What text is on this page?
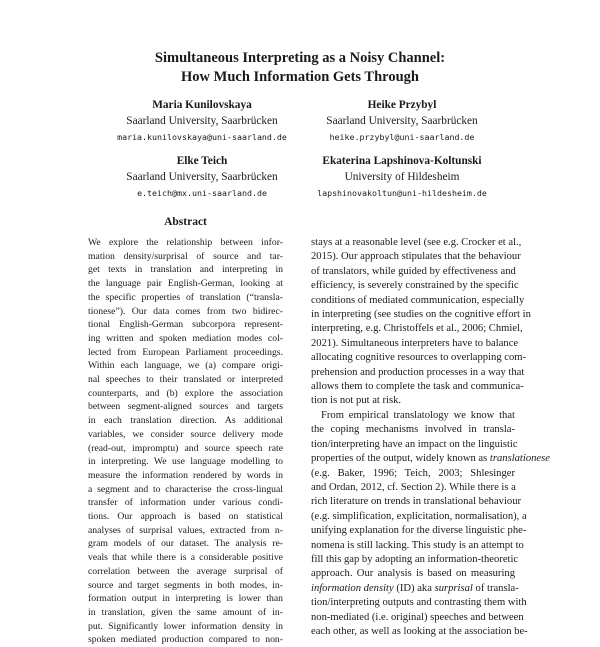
Simultaneous Interpreting as a Noisy Channel:
How Much Information Gets Through
Maria Kunilovskaya
Saarland University, Saarbrücken
maria.kunilovskaya@uni-saarland.de
Heike Przybyl
Saarland University, Saarbrücken
heike.przybyl@uni-saarland.de
Elke Teich
Saarland University, Saarbrücken
e.teich@mx.uni-saarland.de
Ekaterina Lapshinova-Koltunski
University of Hildesheim
lapshinovakoltun@uni-hildesheim.de
Abstract
We explore the relationship between infor-
mation density/surprisal of source and tar-
get texts in translation and interpreting in
the language pair English-German, looking at
the specific properties of translation (“transla-
tionese”). Our data comes from two bidirec-
tional English-German subcorpora represent-
ing written and spoken mediation modes col-
lected from European Parliament proceedings.
Within each language, we (a) compare origi-
nal speeches to their translated or interpreted
counterparts, and (b) explore the association
between segment-aligned sources and targets
in each translation direction. As additional
variables, we consider source delivery mode
(read-out, impromptu) and source speech rate
in interpreting. We use language modelling to
measure the information rendered by words in
a segment and to characterise the cross-lingual
transfer of information under various condi-
tions. Our approach is based on statistical
analyses of surprisal values, extracted from n-
gram models of our dataset. The analysis re-
veals that while there is a considerable positive
correlation between the average surprisal of
source and target segments in both modes, in-
formation output in interpreting is lower than
in translation, given the same amount of in-
put. Significantly lower information density in
spoken mediated production compared to non-
stays at a reasonable level (see e.g. Crocker et al.,
2015). Our approach stipulates that the behaviour
of translators, while guided by effectiveness and
efficiency, is severely constrained by the specific
conditions of mediated communication, especially
in interpreting (see studies on the cognitive effort in
interpreting, e.g. Christoffels et al., 2006; Chmiel,
2021). Simultaneous interpreters have to balance
allocating cognitive resources to overlapping com-
prehension and production processes in a way that
allows them to complete the task and communica-
tion is not put at risk.
From empirical translatology we know that
the coping mechanisms involved in transla-
tion/interpreting have an impact on the linguistic
properties of the output, widely known as translationese
(e.g. Baker, 1996; Teich, 2003; Shlesinger
and Ordan, 2012, cf. Section 2). While there is a
rich literature on trends in translational behaviour
(e.g. simplification, explicitation, normalisation), a
unifying explanation for the diverse linguistic phe-
nomena is still lacking. This study is an attempt to
fill this gap by adopting an information-theoretic
approach. Our analysis is based on measuring
information density (ID) aka surprisal of transla-
tion/interpreting outputs and contrasting them with
non-mediated (i.e. original) speeches and between
each other, as well as looking at the association be-
